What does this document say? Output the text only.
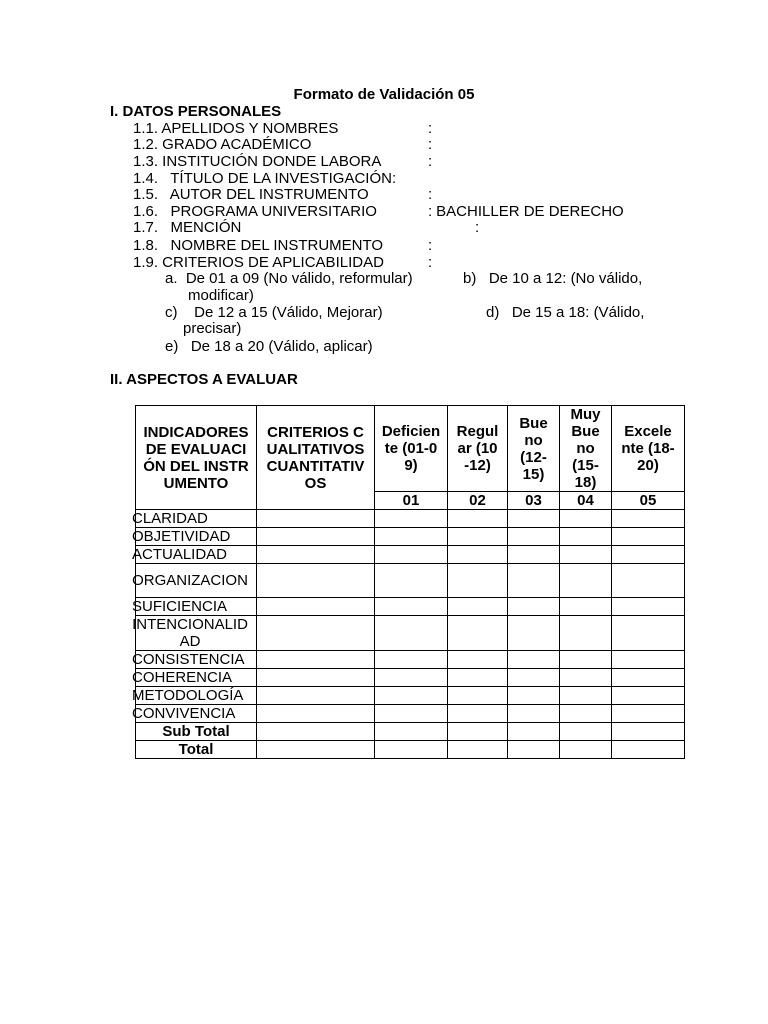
Formato de Validación 05
I. DATOS PERSONALES
1.1. APELLIDOS Y NOMBRES	:
1.2. GRADO ACADÉMICO	:
1.3. INSTITUCIÓN DONDE LABORA	:
1.4.   TÍTULO DE LA INVESTIGACIÓN:
1.5.   AUTOR DEL INSTRUMENTO	:
1.6.   PROGRAMA UNIVERSITARIO	: BACHILLER DE DERECHO
1.7.   MENCIÓN	:
1.8.   NOMBRE DEL INSTRUMENTO	:
1.9. CRITERIOS DE APLICABILIDAD	:
a.  De 01 a 09 (No válido, reformular)	b)   De 10 a 12: (No válido,
modificar)
c)    De 12 a 15 (Válido, Mejorar)	d)   De 15 a 18: (Válido,
precisar)
e)   De 18 a 20 (Válido, aplicar)
II. ASPECTOS A EVALUAR
INDICADORES DE EVALUACIÓN DEL INSTRUMENTO	CRITERIOS CUALITATIVOS CUANTITATIVOS	Deficiente (01-09)	Regular (10-12)	Bueno (12-15)	Muy Bueno (15-18)	Excelente (18-20)

		01	02	03	04	05

CLARIDAD						

OBJETIVIDAD						

ACTUALIDAD						

ORGANIZACION						

SUFICIENCIA						

INTENCIONALIDAD						

CONSISTENCIA						

COHERENCIA						

METODOLOGÍA						

CONVIVENCIA						

Sub Total						
Total						
